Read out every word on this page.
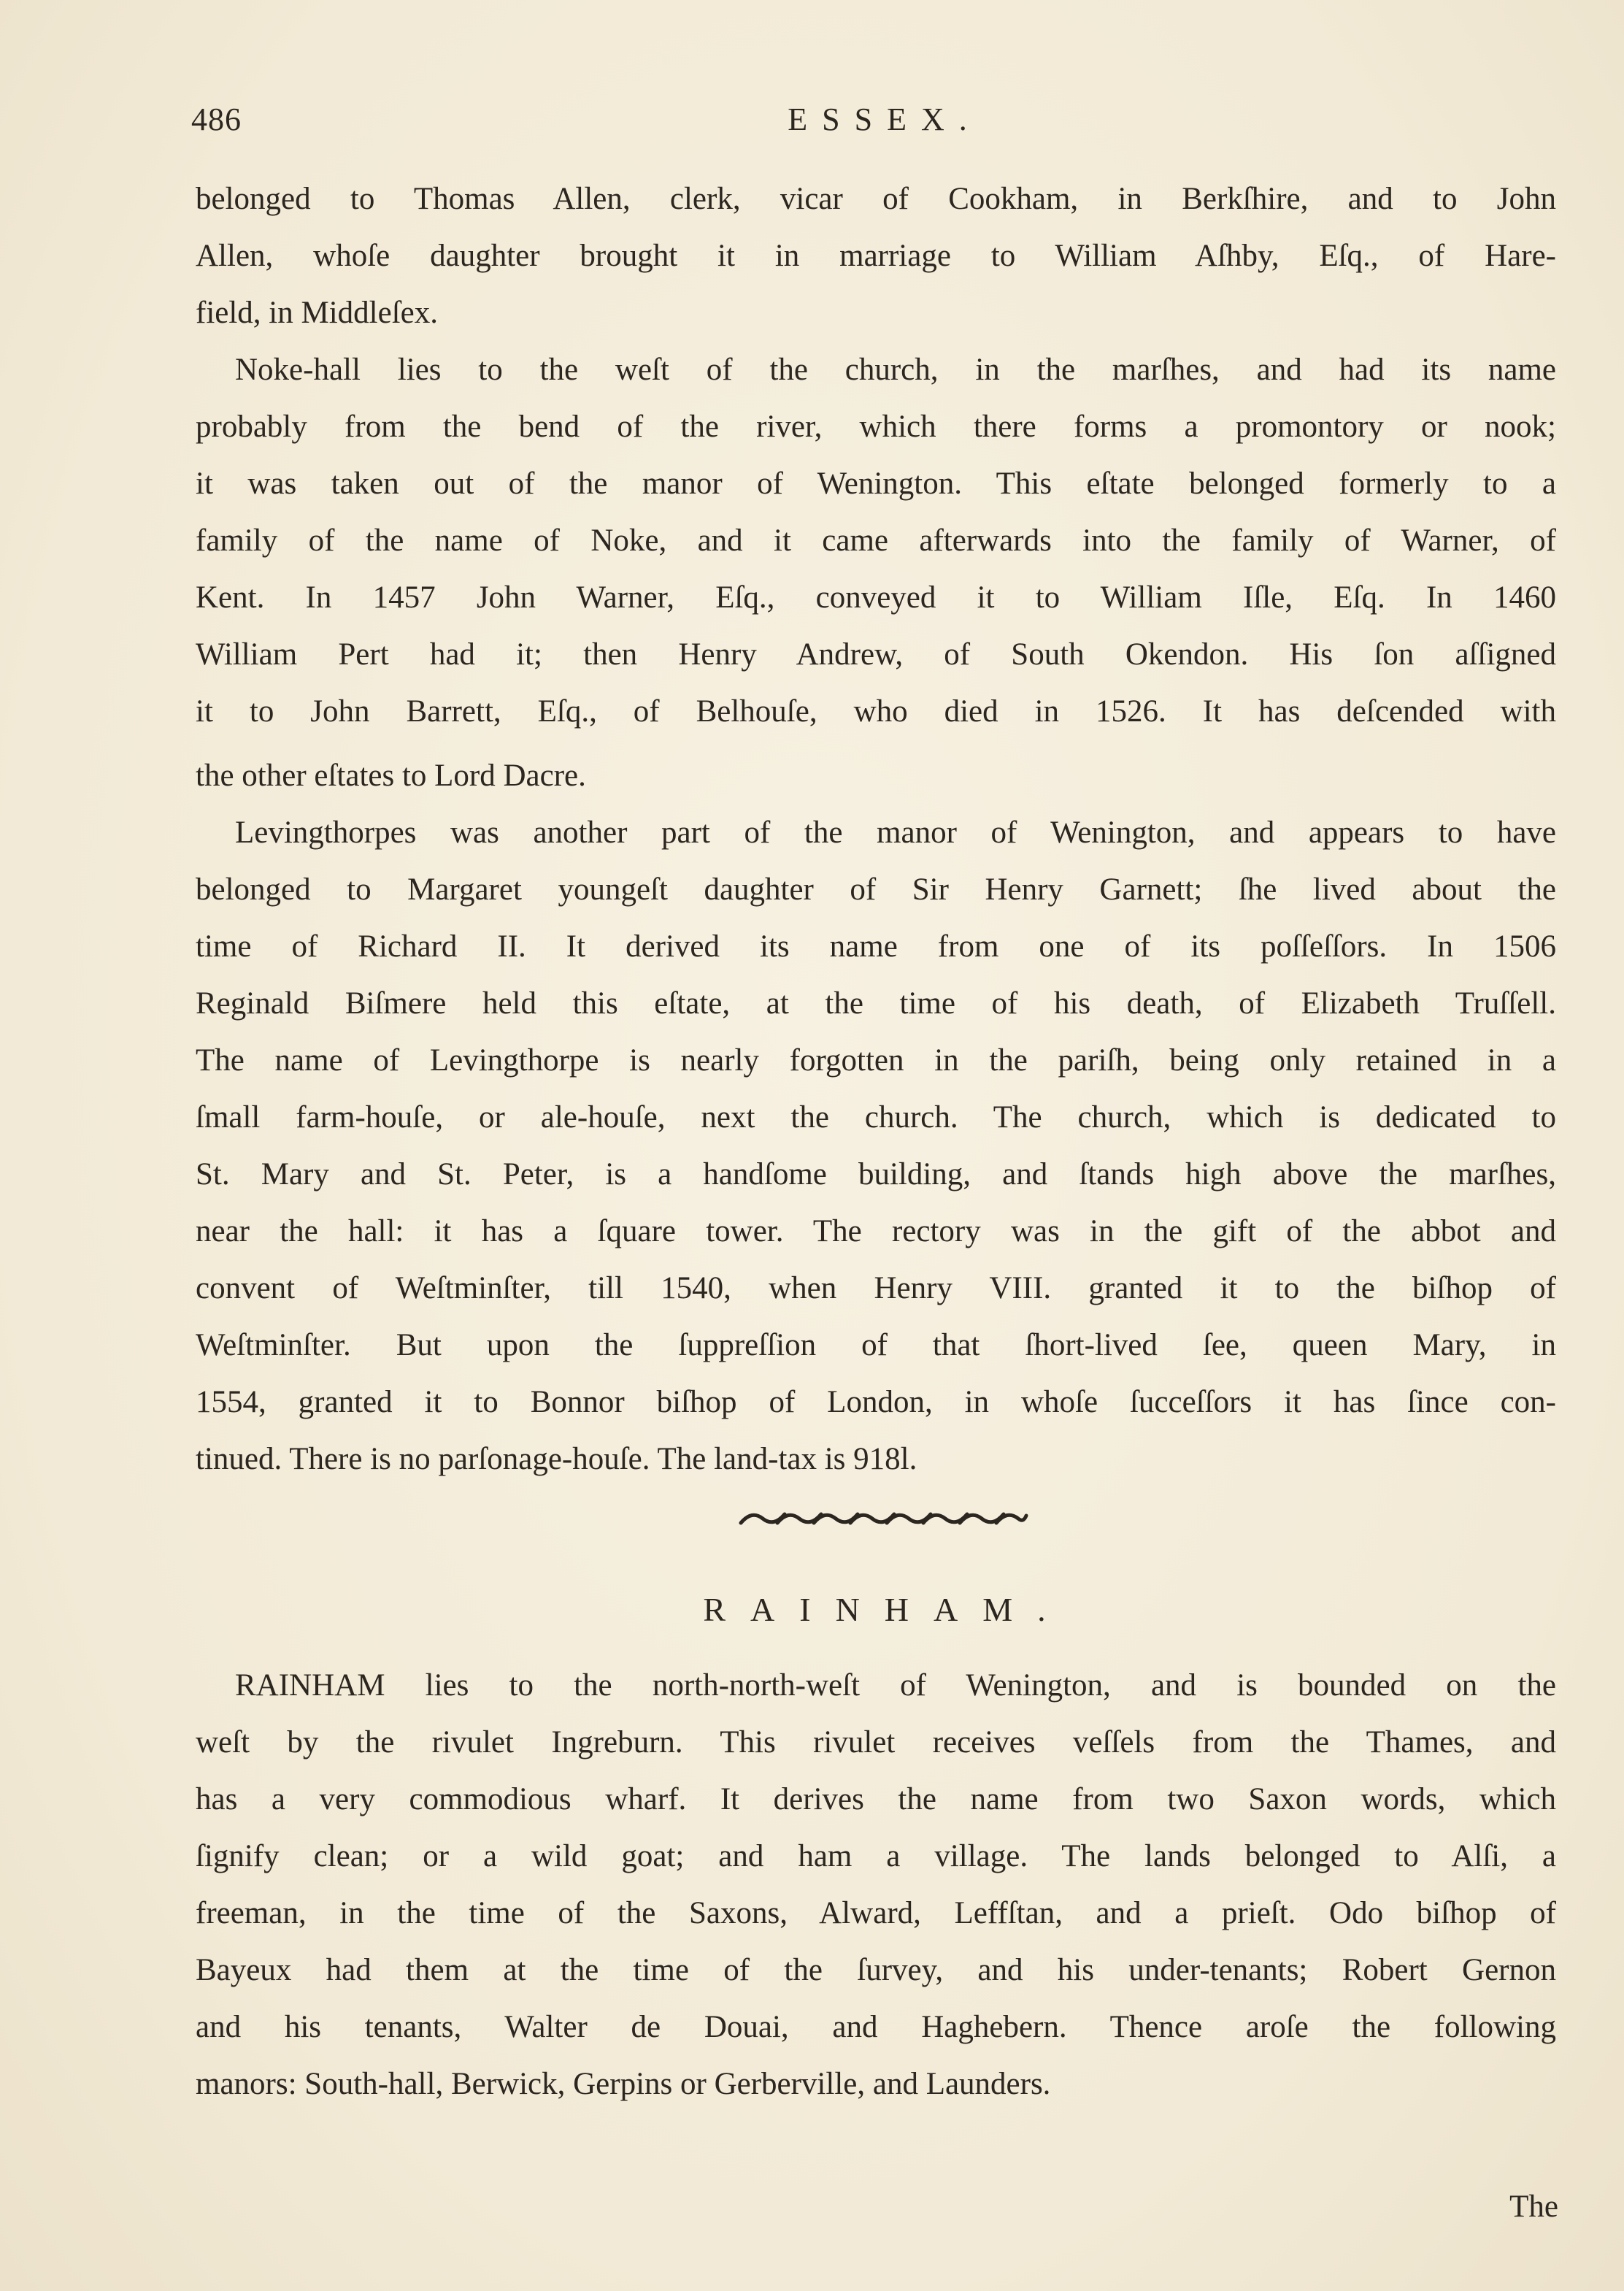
486	ESSEX.
belonged to Thomas Allen, clerk, vicar of Cookham, in Berkſhire, and to John
Allen, whoſe daughter brought it in marriage to William Aſhby, Eſq., of Hare-
field, in Middleſex.
Noke-hall lies to the weſt of the church, in the marſhes, and had its name
probably from the bend of the river, which there forms a promontory or nook;
it was taken out of the manor of Wenington. This eſtate belonged formerly to a
family of the name of Noke, and it came afterwards into the family of Warner, of
Kent. In 1457 John Warner, Eſq., conveyed it to William Iſle, Eſq. In 1460
William Pert had it; then Henry Andrew, of South Okendon. His ſon aſſigned
it to John Barrett, Eſq., of Belhouſe, who died in 1526. It has deſcended with
the other eſtates to Lord Dacre.
Levingthorpes was another part of the manor of Wenington, and appears to have
belonged to Margaret youngeſt daughter of Sir Henry Garnett; ſhe lived about the
time of Richard II. It derived its name from one of its poſſeſſors. In 1506
Reginald Biſmere held this eſtate, at the time of his death, of Elizabeth Truſſell.
The name of Levingthorpe is nearly forgotten in the pariſh, being only retained in a
ſmall farm-houſe, or ale-houſe, next the church. The church, which is dedicated to
St. Mary and St. Peter, is a handſome building, and ſtands high above the marſhes,
near the hall: it has a ſquare tower. The rectory was in the gift of the abbot and
convent of Weſtminſter, till 1540, when Henry VIII. granted it to the biſhop of
Weſtminſter. But upon the ſuppreſſion of that ſhort-lived ſee, queen Mary, in
1554, granted it to Bonnor biſhop of London, in whoſe ſucceſſors it has ſince con-
tinued. There is no parſonage-houſe. The land-tax is 918l.
RAINHAM.
RAINHAM lies to the north-north-weſt of Wenington, and is bounded on the
weſt by the rivulet Ingreburn. This rivulet receives veſſels from the Thames, and
has a very commodious wharf. It derives the name from two Saxon words, which
ſignify clean; or a wild goat; and ham a village. The lands belonged to Alſi, a
freeman, in the time of the Saxons, Alward, Leffſtan, and a prieſt. Odo biſhop of
Bayeux had them at the time of the ſurvey, and his under-tenants; Robert Gernon
and his tenants, Walter de Douai, and Haghebern. Thence aroſe the following
manors: South-hall, Berwick, Gerpins or Gerberville, and Launders.
The
